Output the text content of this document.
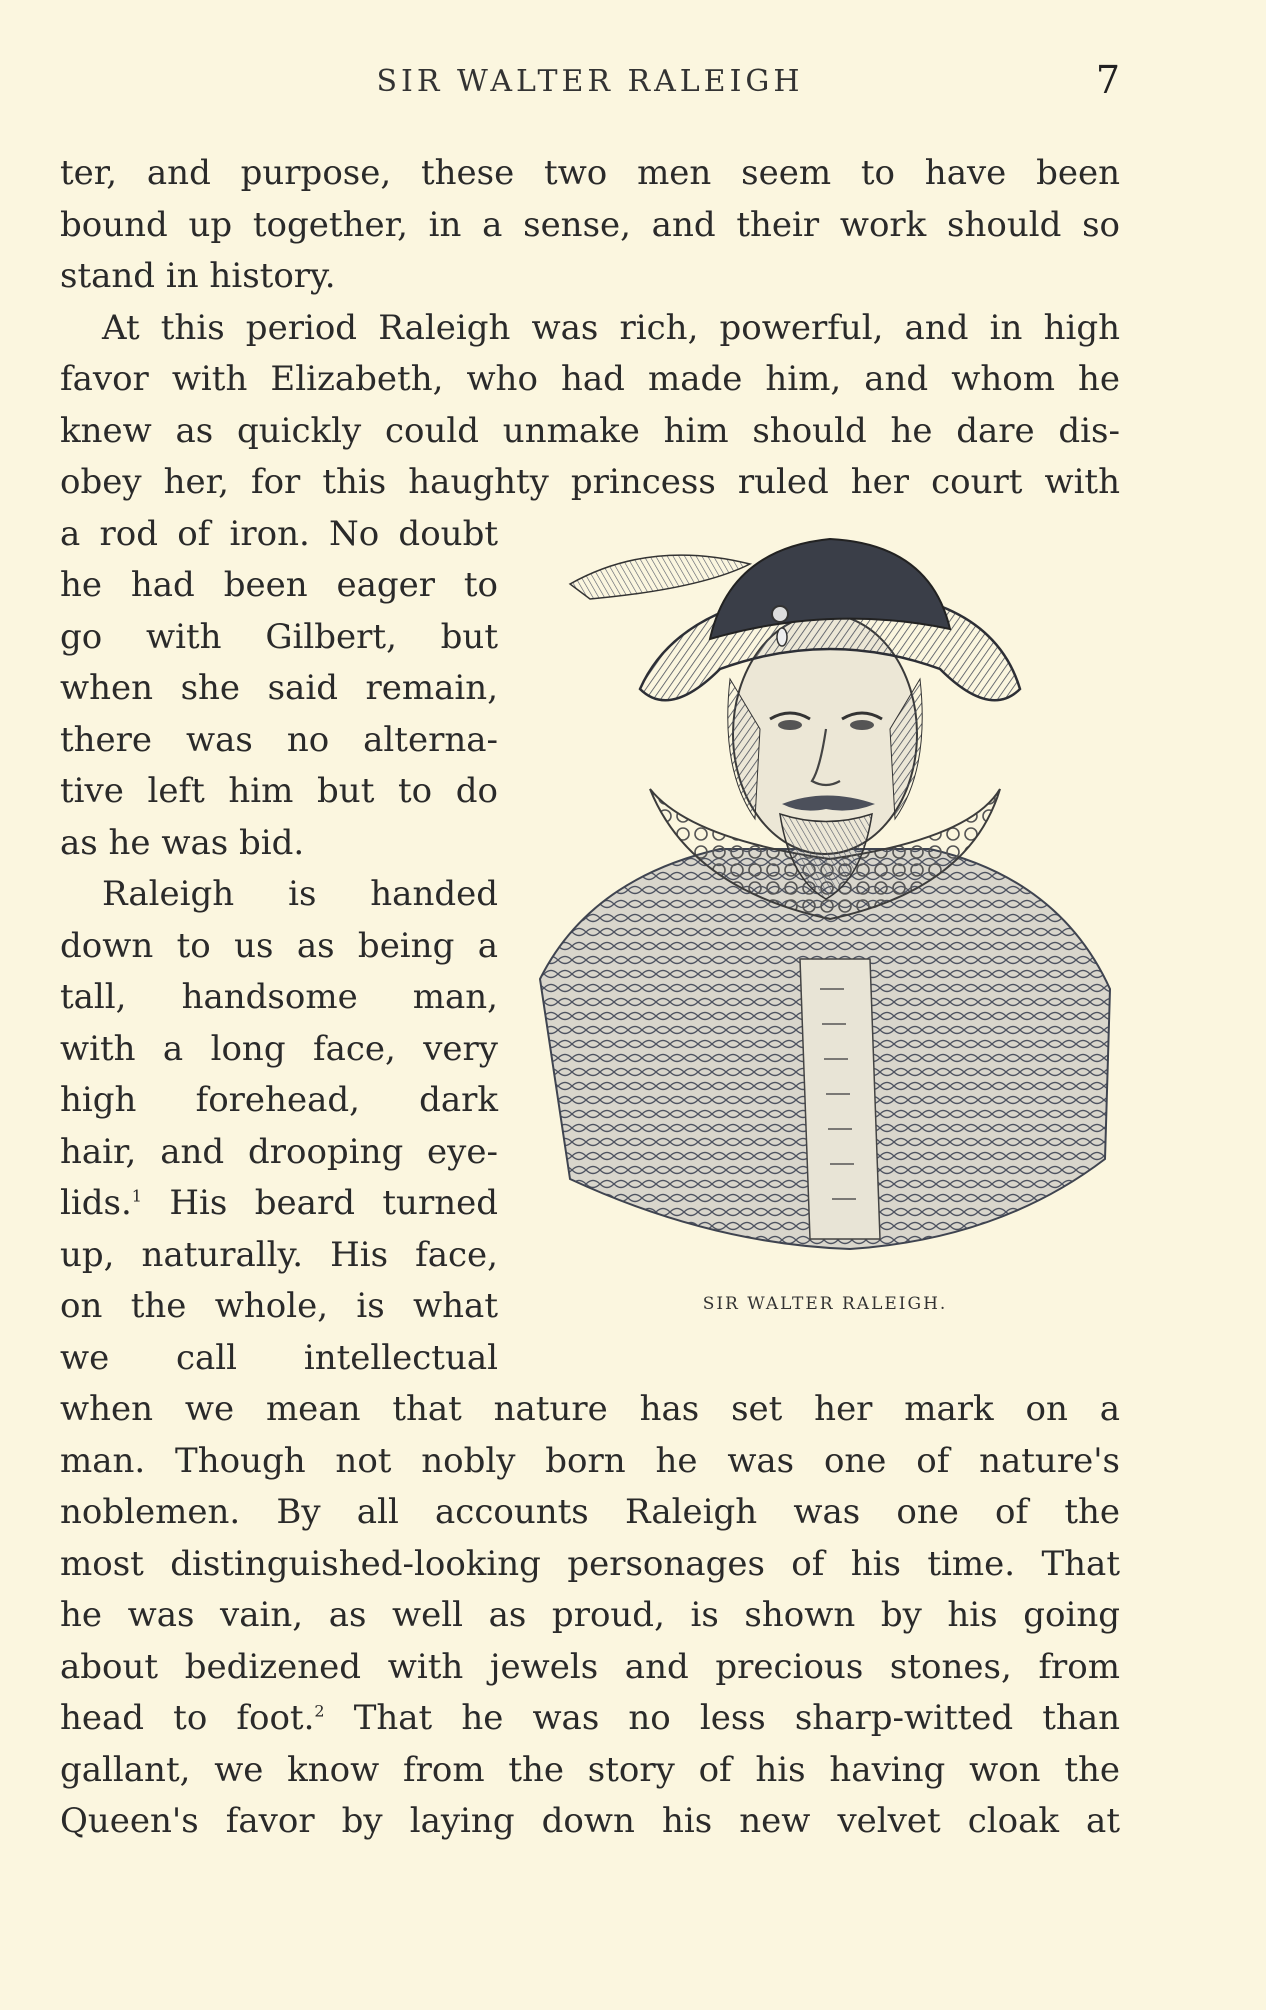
SIR WALTER RALEIGH	7

ter, and purpose, these two men seem to have been
bound up together, in a sense, and their work should so
stand in history.

At this period Raleigh was rich, powerful, and in high
favor with Elizabeth, who had made him, and whom he
knew as quickly could unmake him should he dare dis-
obey her, for this haughty princess ruled her court with

SIR WALTER RALEIGH.

a rod of iron. No doubt
he had been eager to
go with Gilbert, but
when she said remain,
there was no alterna-
tive left him but to do
as he was bid.

Raleigh is handed
down to us as being a
tall, handsome man,
with a long face, very
high forehead, dark
hair, and drooping eye-
lids.$^1$ His beard turned
up, naturally. His face,
on the whole, is what
we call intellectual
when we mean that nature has set her mark on a
man. Though not nobly born he was one of nature's
noblemen. By all accounts Raleigh was one of the
most distinguished-looking personages of his time. That
he was vain, as well as proud, is shown by his going
about bedizened with jewels and precious stones, from
head to foot.$^2$ That he was no less sharp-witted than
gallant, we know from the story of his having won the
Queen's favor by laying down his new velvet cloak at
